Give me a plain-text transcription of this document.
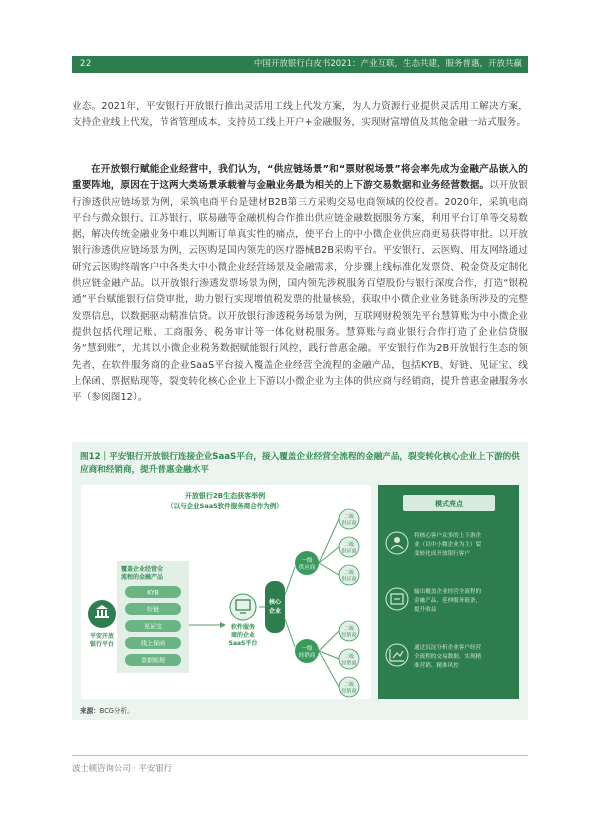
22	中国开放银行白皮书2021：产业互联，生态共建，服务普惠，开放共赢

业态。2021年，平安银行开放银行推出灵活用工线上代发方案，为人力资源行业提供灵活用工解决方案，支持企业线上代发，节省管理成本，支持员工线上开户+金融服务，实现财富增值及其他金融一站式服务。

在开放银行赋能企业经营中，我们认为，“供应链场景”和“票财税场景”将会率先成为金融产品嵌入的重要阵地，原因在于这两大类场景承载着与金融业务最为相关的上下游交易数据和业务经营数据。以开放银行渗透供应链场景为例，采筑电商平台是建材B2B第三方采购交易电商领域的佼佼者。2020年，采筑电商平台与微众银行、江苏银行、联易融等金融机构合作推出供应链金融数据服务方案，利用平台订单等交易数据，解决传统金融业务中难以判断订单真实性的痛点，使平台上的中小微企业供应商更易获得审批。以开放银行渗透供应链场景为例，云医购是国内领先的医疗器械B2B采购平台。平安银行、云医购、用友网络通过研究云医购终端客户中各类大中小微企业经营场景及金融需求，分步骤上线标准化发票贷、税金贷及定制化供应链金融产品。以开放银行渗透发票场景为例，国内领先涉税服务百望股份与银行深度合作，打造“银税通”平台赋能银行信贷审批，助力银行实现增值税发票的批量核验，获取中小微企业业务链条所涉及的完整发票信息，以数据驱动精准信贷。以开放银行渗透税务场景为例，互联网财税领先平台慧算账为中小微企业提供包括代理记账、工商服务、税务审计等一体化财税服务。慧算账与商业银行合作打造了企业信贷服务“慧到账”，尤其以小微企业税务数据赋能银行风控，践行普惠金融。平安银行作为2B开放银行生态的领先者，在软件服务商的企业SaaS平台接入覆盖企业经营全流程的金融产品，包括KYB、好链、见证宝、线上保函、票据贴现等，裂变转化核心企业上下游以小微企业为主体的供应商与经销商，提升普惠金融服务水平（参阅图12）。

图12｜平安银行开放银行连接企业SaaS平台，接入覆盖企业经营全流程的金融产品，裂变转化核心企业上下游的供应商和经销商，提升普惠金融水平
开放银行2B生态获客举例
（以与企业SaaS软件服务商合作为例）
平安开放
银行平台
覆盖企业经营全
流程的金融产品
KYB
好链
见证宝
线上保函
票据贴现
软件服务
商的企业
SaaS平台
核心
企业
一级
供应商
一级
经销商
二级
供应商
二级
供应商
二级
供应商
二级
经销商
二级
经销商
二级
经销商
模式亮点
将核心客户众多的上下游企
业（以中小微企业为主）裂
变转化成开放银行客户
输出覆盖企业经营全流程的
金融产品，延伸服务链条，
提升收益
通过沉淀分析企业客户经营
全流程的交易数据，实现精
准营销、精准风控
来源：BCG分析。
波士顿咨询公司 · 平安银行
